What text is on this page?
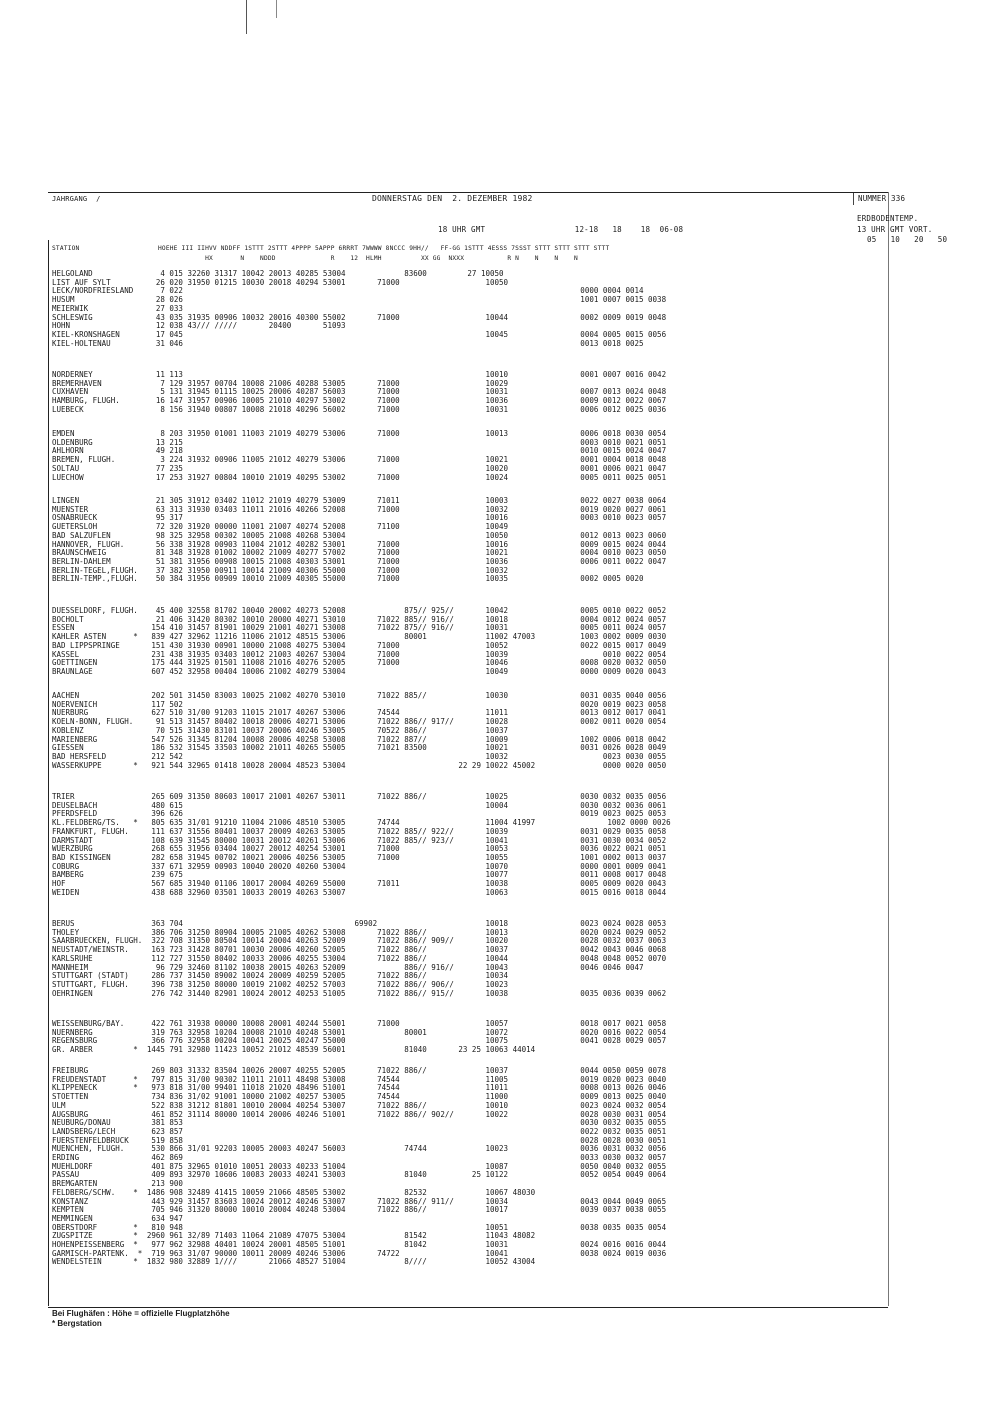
JAHRGANG  /	DONNERSTAG DEN  2. DEZEMBER 1982	NUMMER 336
18 UHR GMT                   12-18   18    18  06-08
ERDBODENTEMP.
13 UHR GMT VORT.
05   10   20   50
STATION                    HOEHE III IIHVV NDDFF 1STTT 2STTT 4PPPP 5APPP 6RRRT 7WWWW 8NCCC 9HH//   FF-GG 1STTT 4ESSS 7SSST STTT STTT STTT STTT
HX       N    NDDD              R    12  HLMH          XX GG  NXXX           R N    N    N    N
HELGOLAND               4 015 32260 31317 10042 20013 40285 53004             83600         27 10050
LIST AUF SYLT          26 020 31950 01215 10030 20018 40294 53001       71000                   10050
LECK/NORDFRIESLAND      7 022                                                                                        0000 0004 0014
HUSUM                  28 026                                                                                        1001 0007 0015 0038
MEIERWIK               27 033
SCHLESWIG              43 035 31935 00906 10032 20016 40300 55002       71000                   10044                0002 0009 0019 0048
HOHN                   12 038 43/// /////       20400       51093
KIEL-KRONSHAGEN        17 045                                                                   10045                0004 0005 0015 0056
KIEL-HOLTENAU          31 046                                                                                        0013 0018 0025
NORDERNEY              11 113                                                                   10010                0001 0007 0016 0042
BREMERHAVEN             7 129 31957 00704 10008 21006 40288 53005       71000                   10029
CUXHAVEN                5 131 31945 01115 10025 20006 40287 56003       71000                   10031                0007 0013 0024 0048
HAMBURG, FLUGH.        16 147 31957 00906 10005 21010 40297 53002       71000                   10036                0009 0012 0022 0067
LUEBECK                 8 156 31940 00807 10008 21018 40296 56002       71000                   10031                0006 0012 0025 0036
EMDEN                   8 203 31950 01001 11003 21019 40279 53006       71000                   10013                0006 0018 0030 0054
OLDENBURG              13 215                                                                                        0003 0010 0021 0051
AHLHORN                49 218                                                                                        0010 0015 0024 0047
BREMEN, FLUGH.          3 224 31932 00906 11005 21012 40279 53006       71000                   10021                0001 0004 0018 0048
SOLTAU                 77 235                                                                   10020                0001 0006 0021 0047
LUECHOW                17 253 31927 00804 10010 21019 40295 53002       71000                   10024                0005 0011 0025 0051
LINGEN                 21 305 31912 03402 11012 21019 40279 53009       71011                   10003                0022 0027 0038 0064
MUENSTER               63 313 31930 03403 11011 21016 40266 52008       71000                   10032                0019 0020 0027 0061
OSNABRUECK             95 317                                                                   10016                0003 0010 0023 0057
GUETERSLOH             72 320 31920 00000 11001 21007 40274 52008       71100                   10049
BAD SALZUFLEN          98 325 32958 00302 10005 21008 40268 53004                               10050                0012 0013 0023 0060
HANNOVER, FLUGH.       56 338 31928 00903 11004 21012 40282 53001       71000                   10016                0009 0015 0024 0044
BRAUNSCHWEIG           81 348 31928 01002 10002 21009 40277 57002       71000                   10021                0004 0010 0023 0050
BERLIN-DAHLEM          51 381 31956 00908 10015 21008 40303 53001       71000                   10036                0006 0011 0022 0047
BERLIN-TEGEL,FLUGH.    37 382 31950 00911 10014 21009 40306 55000       71000                   10032
BERLIN-TEMP.,FLUGH.    50 384 31956 00909 10010 21009 40305 55000       71000                   10035                0002 0005 0020
DUESSELDORF, FLUGH.    45 400 32558 81702 10040 20002 40273 52008             875// 925//       10042                0005 0010 0022 0052
BOCHOLT                21 406 31420 80302 10010 20000 40271 53010       71022 885// 916//       10018                0004 0012 0024 0057
ESSEN                 154 410 31457 81901 10029 21001 40271 53008       71022 875// 916//       10031                0005 0011 0024 0057
KAHLER ASTEN      *   839 427 32962 11216 11006 21012 48515 53006             80001             11002 47003          1003 0002 0009 0030
BAD LIPPSPRINGE       151 430 31930 00901 10000 21008 40275 53004       71000                   10052                0022 0015 0017 0049
KASSEL                231 438 31935 03403 10012 21003 40267 53004       71000                   10039                     0010 0022 0054
GOETTINGEN            175 444 31925 01501 11008 21016 40276 52005       71000                   10046                0008 0020 0032 0050
BRAUNLAGE             607 452 32958 00404 10006 21002 40279 53004                               10049                0000 0009 0020 0043
AACHEN                202 501 31450 83003 10025 21002 40270 53010       71022 885//             10030                0031 0035 0040 0056
NOERVENICH            117 502                                                                                        0020 0019 0023 0058
NUERBURG              627 510 31/00 91203 11015 21017 40267 53006       74544                   11011                0013 0012 0017 0041
KOELN-BONN, FLUGH.     91 513 31457 80402 10018 20006 40271 53006       71022 886// 917//       10028                0002 0011 0020 0054
KOBLENZ                70 515 31430 83101 10037 20006 40246 53005       70522 886//             10037
MARIENBERG            547 526 31345 81204 10008 20006 40258 53008       71022 887//             10009                1002 0006 0018 0042
GIESSEN               186 532 31545 33503 10002 21011 40265 55005       71021 83500             10021                0031 0026 0028 0049
BAD HERSFELD          212 542                                                                   10032                     0023 0030 0055
WASSERKUPPE       *   921 544 32965 01418 10028 20004 48523 53004                         22 29 10022 45002               0000 0020 0050
TRIER                 265 609 31350 80603 10017 21001 40267 53011       71022 886//             10025                0030 0032 0035 0056
DEUSELBACH            480 615                                                                   10004                0030 0032 0036 0061
PFERDSFELD            396 626                                                                                        0019 0023 0025 0053
KL.FELDBERG/TS.   *   805 635 31/01 91210 11004 21006 48510 53005       74744                   11004 41997                1002 0000 0026
FRANKFURT, FLUGH.     111 637 31556 80401 10037 20009 40263 53005       71022 885// 922//       10039                0031 0029 0035 0058
DARMSTADT             108 639 31545 80000 10031 20012 40261 53006       71022 885// 923//       10041                0031 0030 0034 0052
WUERZBURG             268 655 31956 03404 10027 20012 40254 53001       71000                   10053                0036 0022 0021 0051
BAD KISSINGEN         282 658 31945 00702 10021 20006 40256 53005       71000                   10055                1001 0002 0013 0037
COBURG                337 671 32959 00903 10040 20020 40260 53004                               10070                0000 0001 0009 0041
BAMBERG               239 675                                                                   10077                0011 0008 0017 0048
HOF                   567 685 31940 01106 10017 20004 40269 55000       71011                   10038                0005 0009 0020 0043
WEIDEN                438 688 32960 03501 10033 20019 40263 53007                               10063                0015 0016 0018 0044
BERUS                 363 704                                      69902                        10018                0023 0024 0028 0053
THOLEY                386 706 31250 80904 10005 21005 40262 53008       71022 886//             10013                0020 0024 0029 0052
SAARBRUECKEN, FLUGH.  322 708 31350 80504 10014 20004 40263 52009       71022 886// 909//       10020                0028 0032 0037 0063
NEUSTADT/WEINSTR.     163 723 31428 80701 10030 20006 40260 52005       71022 886//             10037                0042 0043 0046 0068
KARLSRUHE             112 727 31550 80402 10033 20006 40255 53004       71022 886//             10044                0048 0048 0052 0070
MANNHEIM               96 729 32460 81102 10038 20015 40263 52009             886// 916//       10043                0046 0046 0047
STUTTGART (STADT)     286 737 31450 89002 10024 20009 40259 52005       71022 886//             10034
STUTTGART, FLUGH.     396 738 31250 80000 10019 21002 40252 57003       71022 886// 906//       10023
OEHRINGEN             276 742 31440 82901 10024 20012 40253 51005       71022 886// 915//       10038                0035 0036 0039 0062
WEISSENBURG/BAY.      422 761 31938 00000 10008 20001 40244 55001       71000                   10057                0018 0017 0021 0058
NUERNBERG             319 763 32958 10204 10008 21010 40248 53001             80001             10072                0020 0016 0022 0054
REGENSBURG            366 776 32958 00204 10041 20025 40247 55000                               10075                0041 0028 0029 0057
GR. ARBER         *  1445 791 32980 11423 10052 21012 48539 56001             81040       23 25 10063 44014
FREIBURG              269 803 31332 83504 10026 20007 40255 52005       71022 886//             10037                0044 0050 0059 0078
FREUDENSTADT      *   797 815 31/00 90302 11011 21011 48498 53008       74544                   11005                0019 0020 0023 0040
KLIPPENECK        *   973 818 31/00 99401 11018 21020 48496 51001       74544                   11011                0008 0013 0026 0046
STOETTEN              734 836 31/02 91001 10000 21002 40257 53005       74544                   11000                0009 0013 0025 0040
ULM                   522 838 31212 81801 10010 20004 40254 53007       71022 886//             10010                0023 0024 0032 0054
AUGSBURG              461 852 31114 80000 10014 20006 40246 51001       71022 886// 902//       10022                0028 0030 0031 0054
NEUBURG/DONAU         381 853                                                                                        0030 0032 0035 0055
LANDSBERG/LECH        623 857                                                                                        0022 0032 0035 0051
FUERSTENFELDBRUCK     519 858                                                                                        0028 0028 0030 0051
MUENCHEN, FLUGH.      530 866 31/01 92203 10005 20003 40247 56003             74744             10023                0036 0031 0032 0056
ERDING                462 869                                                                                        0033 0030 0032 0057
MUEHLDORF             401 875 32965 01010 10051 20033 40233 51004                               10087                0050 0040 0032 0055
PASSAU                409 893 32970 10606 10083 20033 40241 53003             81040          25 10122                0052 0054 0049 0064
BREMGARTEN            213 900
FELDBERG/SCHW.    *  1486 908 32489 41415 10059 21066 48505 53002             82532             10067 48030
KONSTANZ              443 929 31457 83603 10024 20012 40246 53007       71022 886// 911//       10034                0043 0044 0049 0065
KEMPTEN               705 946 31320 80000 10010 20004 40248 53004       71022 886//             10017                0039 0037 0038 0055
MEMMINGEN             634 947
OBERSTDORF        *   810 948                                                                   10051                0038 0035 0035 0054
ZUGSPITZE         *  2960 961 32/89 71403 11064 21089 47075 53004             81542             11043 48082
HOHENPEISSENBERG  *   977 962 32988 40401 10024 20001 48505 51001             81042             10031                0024 0016 0016 0044
GARMISCH-PARTENK.  *  719 963 31/07 90000 10011 20009 40246 53006       74722                   10041                0038 0024 0019 0036
WENDELSTEIN       *  1832 980 32889 1////       21066 48527 51004             8////             10052 43004
Bei Flughäfen : Höhe = offizielle Flugplatzhöhe
* Bergstation
